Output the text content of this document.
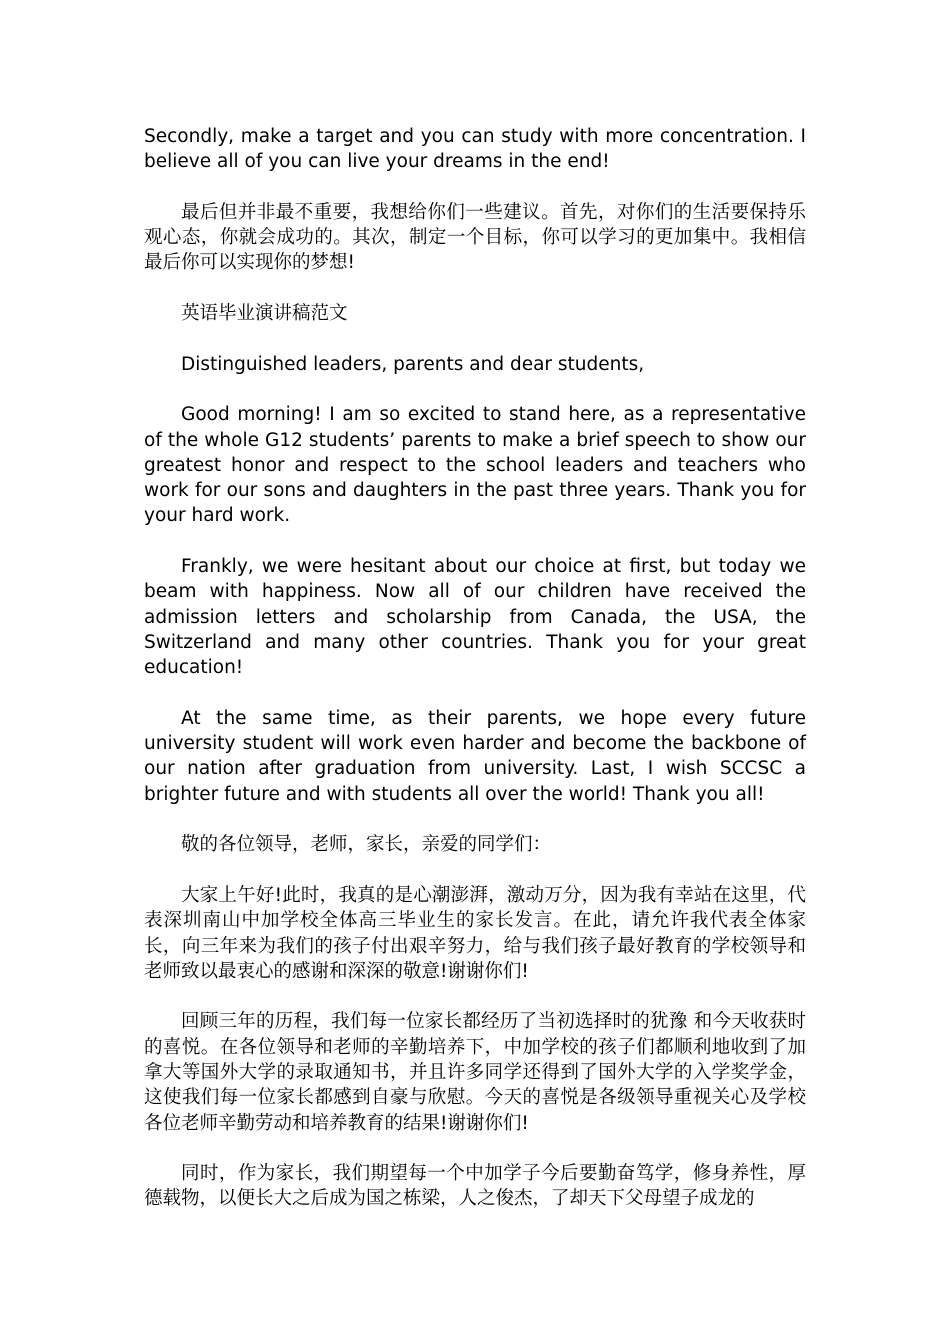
Secondly, make a target and you can study with more concentration. I believe all of you can live your dreams in the end!

最后但并非最不重要，我想给你们一些建议。首先，对你们的生活要保持乐观心态，你就会成功的。其次，制定一个目标，你可以学习的更加集中。我相信最后你可以实现你的梦想!

英语毕业演讲稿范文

Distinguished leaders, parents and dear students,

Good morning! I am so excited to stand here, as a representative of the whole G12 students’ parents to make a brief speech to show our greatest honor and respect to the school leaders and teachers who work for our sons and daughters in the past three years. Thank you for your hard work.

Frankly, we were hesitant about our choice at first, but today we beam with happiness. Now all of our children have received the admission letters and scholarship from Canada, the USA, the Switzerland and many other countries. Thank you for your great education!

At the same time, as their parents, we hope every future university student will work even harder and become the backbone of our nation after graduation from university. Last, I wish SCCSC a brighter future and with students all over the world! Thank you all!

敬的各位领导，老师，家长，亲爱的同学们：

大家上午好!此时，我真的是心潮澎湃，激动万分，因为我有幸站在这里，代表深圳南山中加学校全体高三毕业生的家长发言。在此，请允许我代表全体家长，向三年来为我们的孩子付出艰辛努力，给与我们孩子最好教育的学校领导和老师致以最衷心的感谢和深深的敬意!谢谢你们!

回顾三年的历程，我们每一位家长都经历了当初选择时的犹豫 和今天收获时的喜悦。在各位领导和老师的辛勤培养下，中加学校的孩子们都顺利地收到了加拿大等国外大学的录取通知书，并且许多同学还得到了国外大学的入学奖学金，这使我们每一位家长都感到自豪与欣慰。今天的喜悦是各级领导重视关心及学校各位老师辛勤劳动和培养教育的结果!谢谢你们!

同时，作为家长，我们期望每一个中加学子今后要勤奋笃学，修身养性，厚德载物，以便长大之后成为国之栋梁，人之俊杰，了却天下父母望子成龙的
